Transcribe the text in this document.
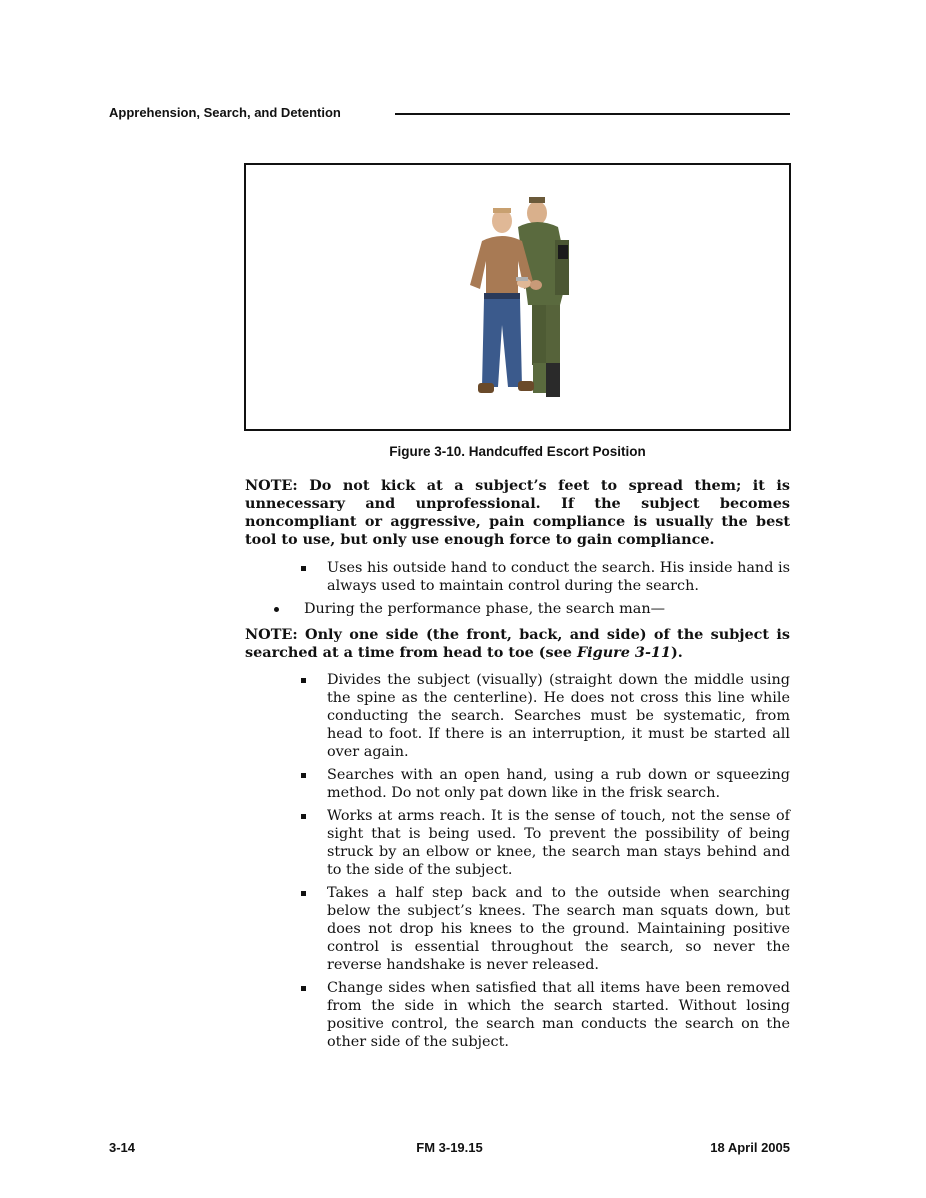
Apprehension, Search, and Detention
Figure 3-10. Handcuffed Escort Position
NOTE: Do not kick at a subject’s feet to spread them; it is unnecessary and unprofessional. If the subject becomes noncompliant or aggressive, pain compliance is usually the best tool to use, but only use enough force to gain compliance.
Uses his outside hand to conduct the search. His inside hand is always used to maintain control during the search.
During the performance phase, the search man—
NOTE: Only one side (the front, back, and side) of the subject is searched at a time from head to toe (see Figure 3-11).
Divides the subject (visually) (straight down the middle using the spine as the centerline). He does not cross this line while conducting the search. Searches must be systematic, from head to foot. If there is an interruption, it must be started all over again.
Searches with an open hand, using a rub down or squeezing method. Do not only pat down like in the frisk search.
Works at arms reach. It is the sense of touch, not the sense of sight that is being used. To prevent the possibility of being struck by an elbow or knee, the search man stays behind and to the side of the subject.
Takes a half step back and to the outside when searching below the subject’s knees. The search man squats down, but does not drop his knees to the ground. Maintaining positive control is essential throughout the search, so never the reverse handshake is never released.
Change sides when satisfied that all items have been removed from the side in which the search started. Without losing positive control, the search man conducts the search on the other side of the subject.
3-14	FM 3-19.15	18 April 2005
